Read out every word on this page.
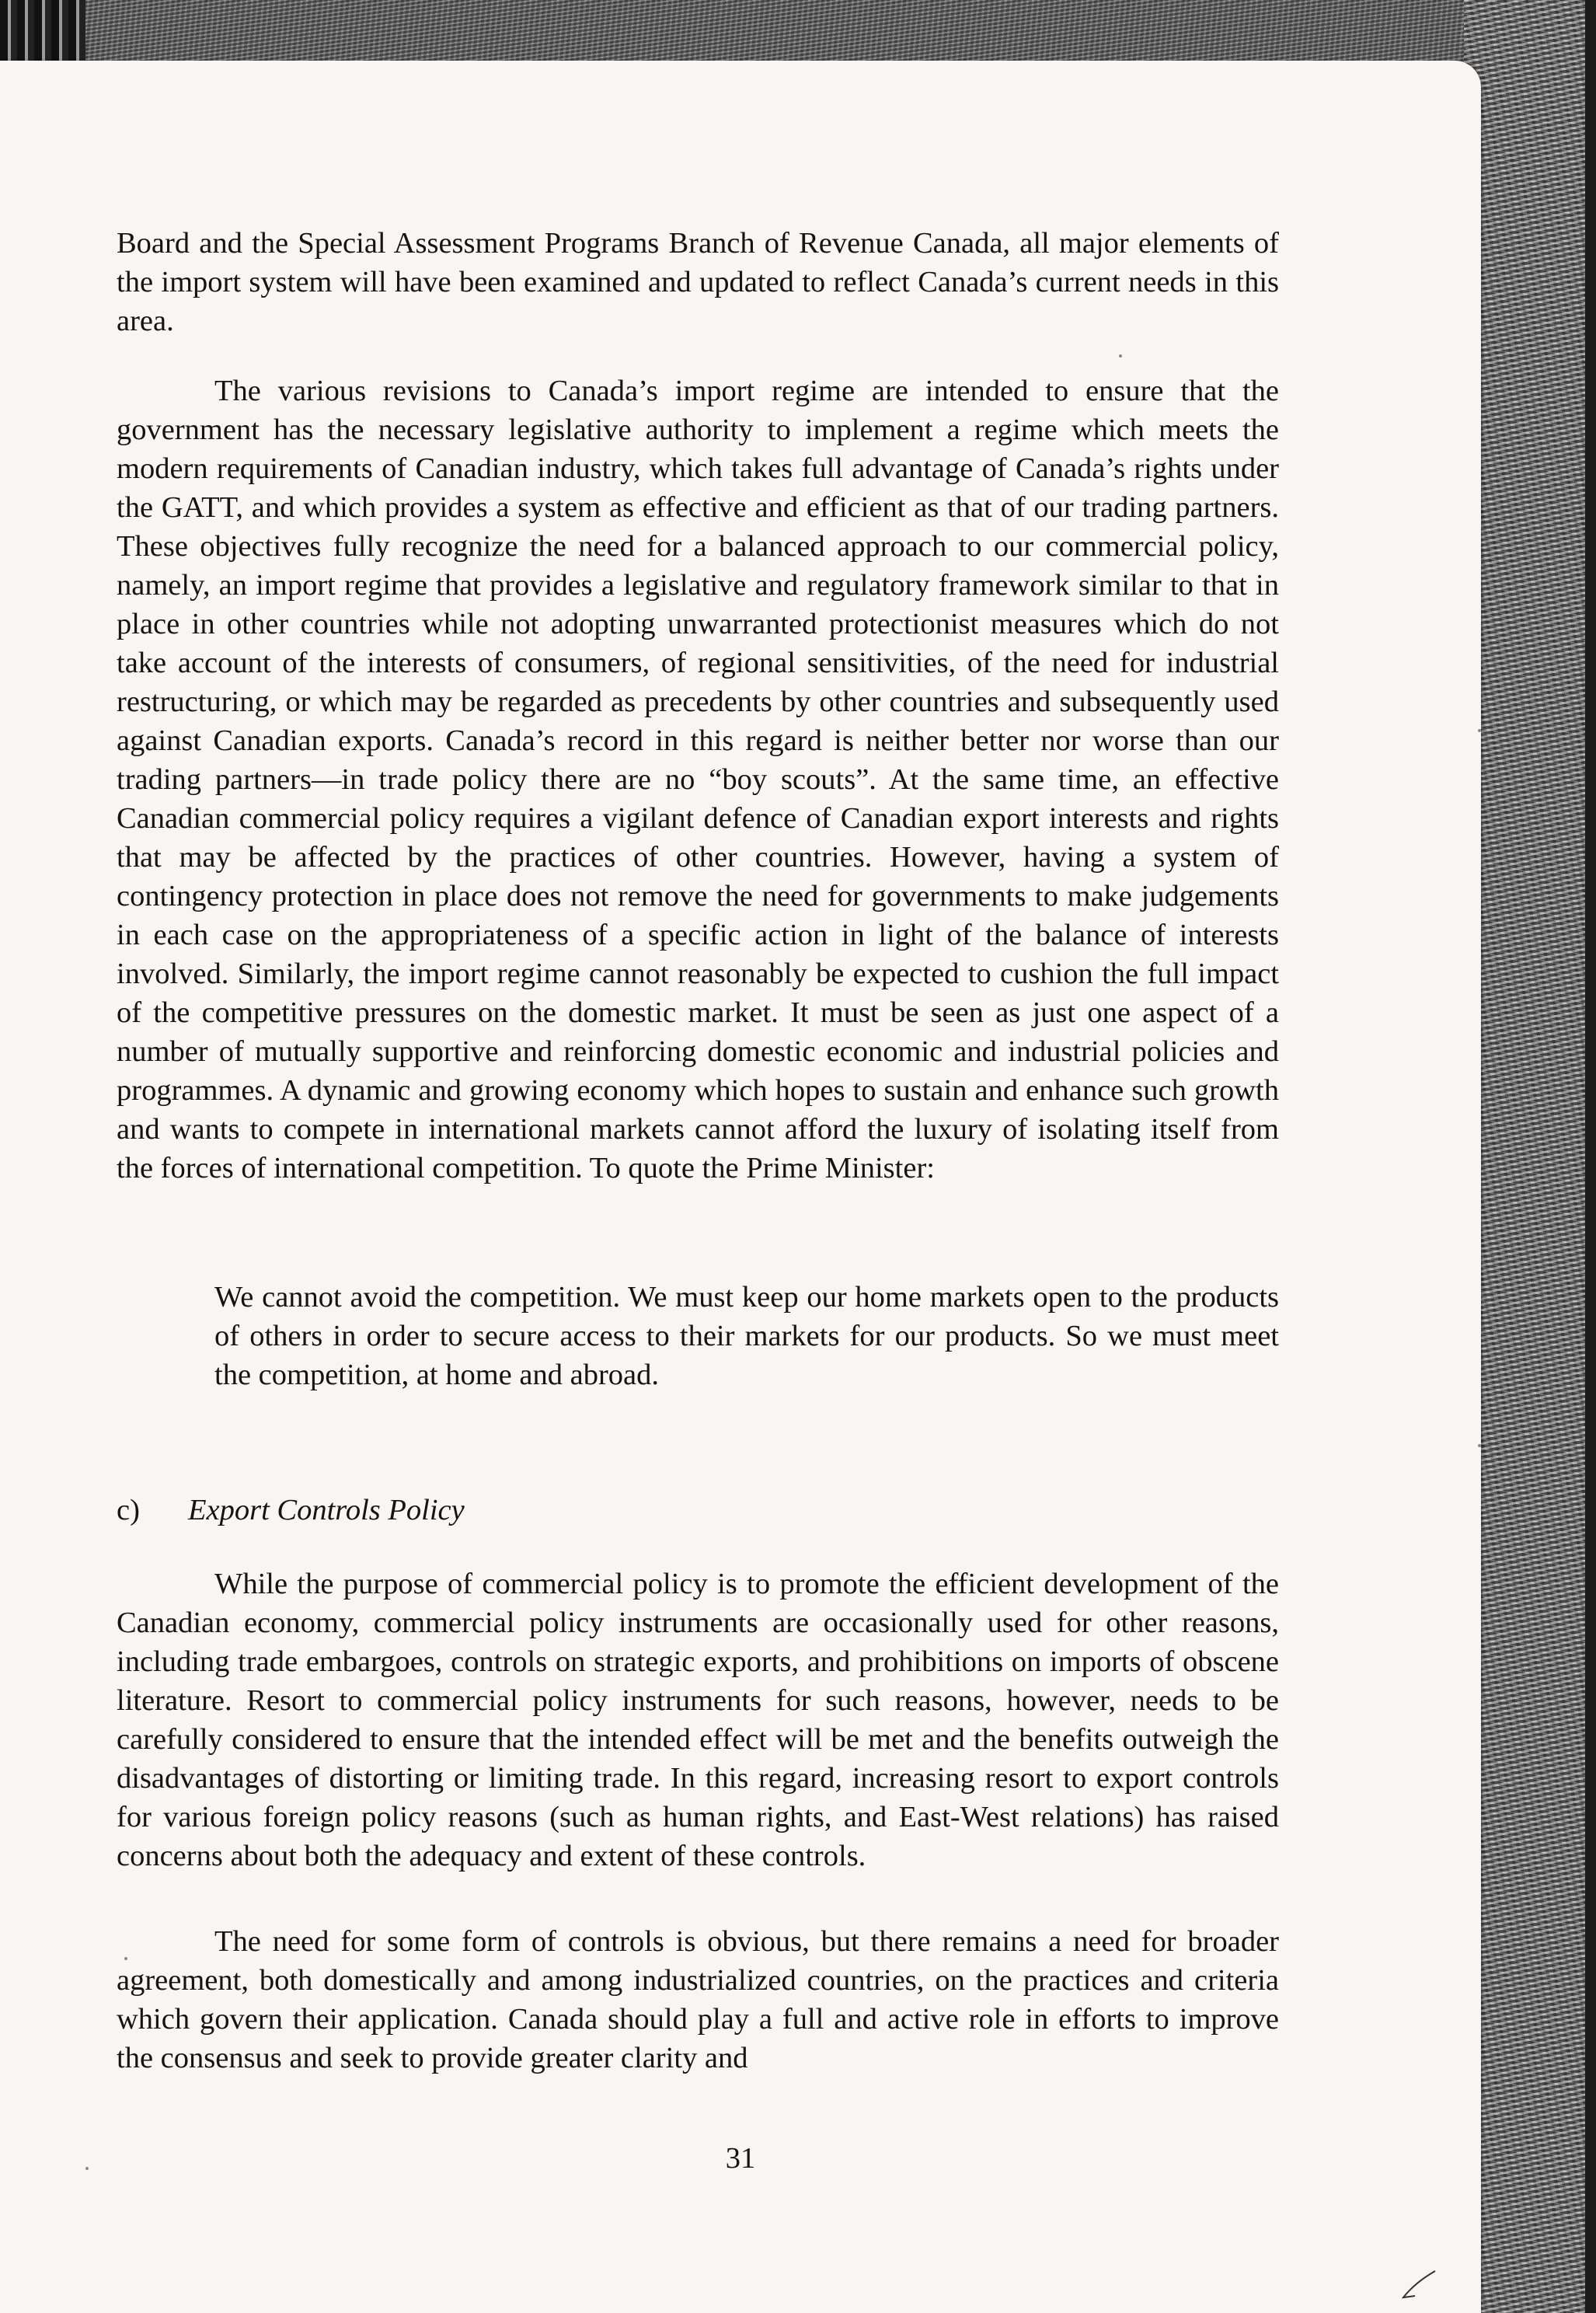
Board and the Special Assessment Programs Branch of Revenue Canada, all major elements of the import system will have been examined and updated to reflect Canada’s current needs in this area.

The various revisions to Canada’s import regime are intended to ensure that the government has the necessary legislative authority to implement a regime which meets the modern requirements of Canadian industry, which takes full advantage of Canada’s rights under the GATT, and which provides a system as effective and efficient as that of our trading partners. These objectives fully recognize the need for a balanced approach to our commercial policy, namely, an import regime that provides a legislative and regulatory framework similar to that in place in other countries while not adopting unwarranted protectionist measures which do not take account of the interests of consumers, of regional sensitivities, of the need for industrial restructuring, or which may be regarded as precedents by other countries and subsequently used against Canadian exports. Canada’s record in this regard is neither better nor worse than our trading partners—in trade policy there are no “boy scouts”. At the same time, an effective Canadian commercial policy requires a vigilant defence of Canadian export interests and rights that may be affected by the practices of other countries. However, having a system of contingency protection in place does not remove the need for governments to make judgements in each case on the appropriateness of a specific action in light of the balance of interests involved. Similarly, the import regime cannot reasonably be expected to cushion the full impact of the competitive pressures on the domestic market. It must be seen as just one aspect of a number of mutually supportive and reinforcing domestic economic and industrial policies and programmes. A dynamic and growing economy which hopes to sustain and enhance such growth and wants to compete in international markets cannot afford the luxury of isolating itself from the forces of international competition. To quote the Prime Minister:

We cannot avoid the competition. We must keep our home markets open to the products of others in order to secure access to their markets for our products. So we must meet the competition, at home and abroad.

c) Export Controls Policy

While the purpose of commercial policy is to promote the efficient development of the Canadian economy, commercial policy instruments are occasionally used for other reasons, including trade embargoes, controls on strategic exports, and prohibitions on imports of obscene literature. Resort to commercial policy instruments for such reasons, however, needs to be carefully considered to ensure that the intended effect will be met and the benefits outweigh the disadvantages of distorting or limiting trade. In this regard, increasing resort to export controls for various foreign policy reasons (such as human rights, and East-West relations) has raised concerns about both the adequacy and extent of these controls.

The need for some form of controls is obvious, but there remains a need for broader agreement, both domestically and among industrialized countries, on the practices and criteria which govern their application. Canada should play a full and active role in efforts to improve the consensus and seek to provide greater clarity and

31
